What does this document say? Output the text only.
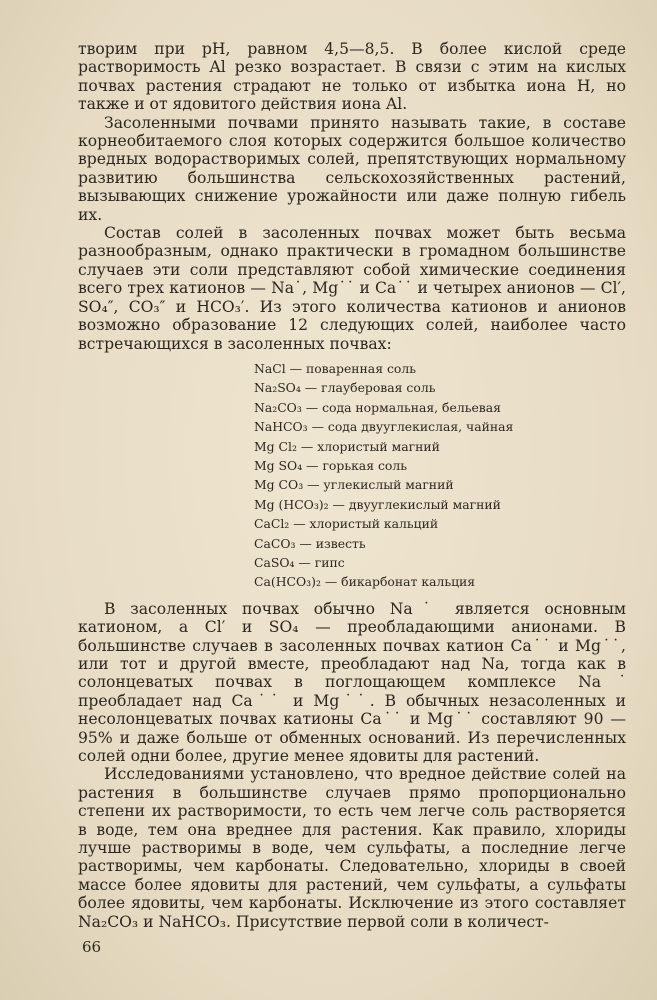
творим при рН, равном 4,5—8,5. В более кислой среде растворимость Al резко возрастает. В связи с этим на кислых почвах растения страдают не только от избытка иона Н, но также и от ядовитого действия иона Al.

Засоленными почвами принято называть такие, в составе корнеобитаемого слоя которых содержится большое количество вредных водорастворимых солей, препятствующих нормальному развитию большинства сельскохозяйственных растений, вызывающих снижение урожайности или даже полную гибель их.

Состав солей в засоленных почвах может быть весьма разнообразным, однако практически в громадном большинстве случаев эти соли представляют собой химические соединения всего трех катионов — Na˙, Mg˙˙ и Ca˙˙ и четырех анионов — Cl′, SO₄″, CO₃″ и НCO₃′. Из этого количества катионов и анионов возможно образование 12 следующих солей, наиболее часто встречающихся в засоленных почвах:

NaCl — поваренная соль
Na₂SO₄ — глауберовая соль
Na₂CO₃ — сода нормальная, бельевая
NaHCO₃ — сода двууглекислая, чайная
Mg Cl₂ — хлористый магний
Mg SO₄ — горькая соль
Mg CO₃ — углекислый магний
Mg (HCO₃)₂ — двууглекислый магний
CaCl₂ — хлористый кальций
CaCO₃ — известь
CaSO₄ — гипс
Ca(HCO₃)₂ — бикарбонат кальция

В засоленных почвах обычно Na˙ является основным катионом, а Cl′ и SO₄ — преобладающими анионами. В большинстве случаев в засоленных почвах катион Ca˙˙ и Mg˙˙, или тот и другой вместе, преобладают над Na, тогда как в солонцеватых почвах в поглощающем комплексе Na˙ преобладает над Ca˙˙ и Mg˙˙. В обычных незасоленных и несолонцеватых почвах катионы Ca˙˙ и Mg˙˙ составляют 90 — 95% и даже больше от обменных оснований. Из перечисленных солей одни более, другие менее ядовиты для растений.

Исследованиями установлено, что вредное действие солей на растения в большинстве случаев прямо пропорционально степени их растворимости, то есть чем легче соль растворяется в воде, тем она вреднее для растения. Как правило, хлориды лучше растворимы в воде, чем сульфаты, а последние легче растворимы, чем карбонаты. Следовательно, хлориды в своей массе более ядовиты для растений, чем сульфаты, а сульфаты более ядовиты, чем карбонаты. Исключение из этого составляет Na₂CO₃ и NaHCO₃. Присутствие первой соли в количест-

66
